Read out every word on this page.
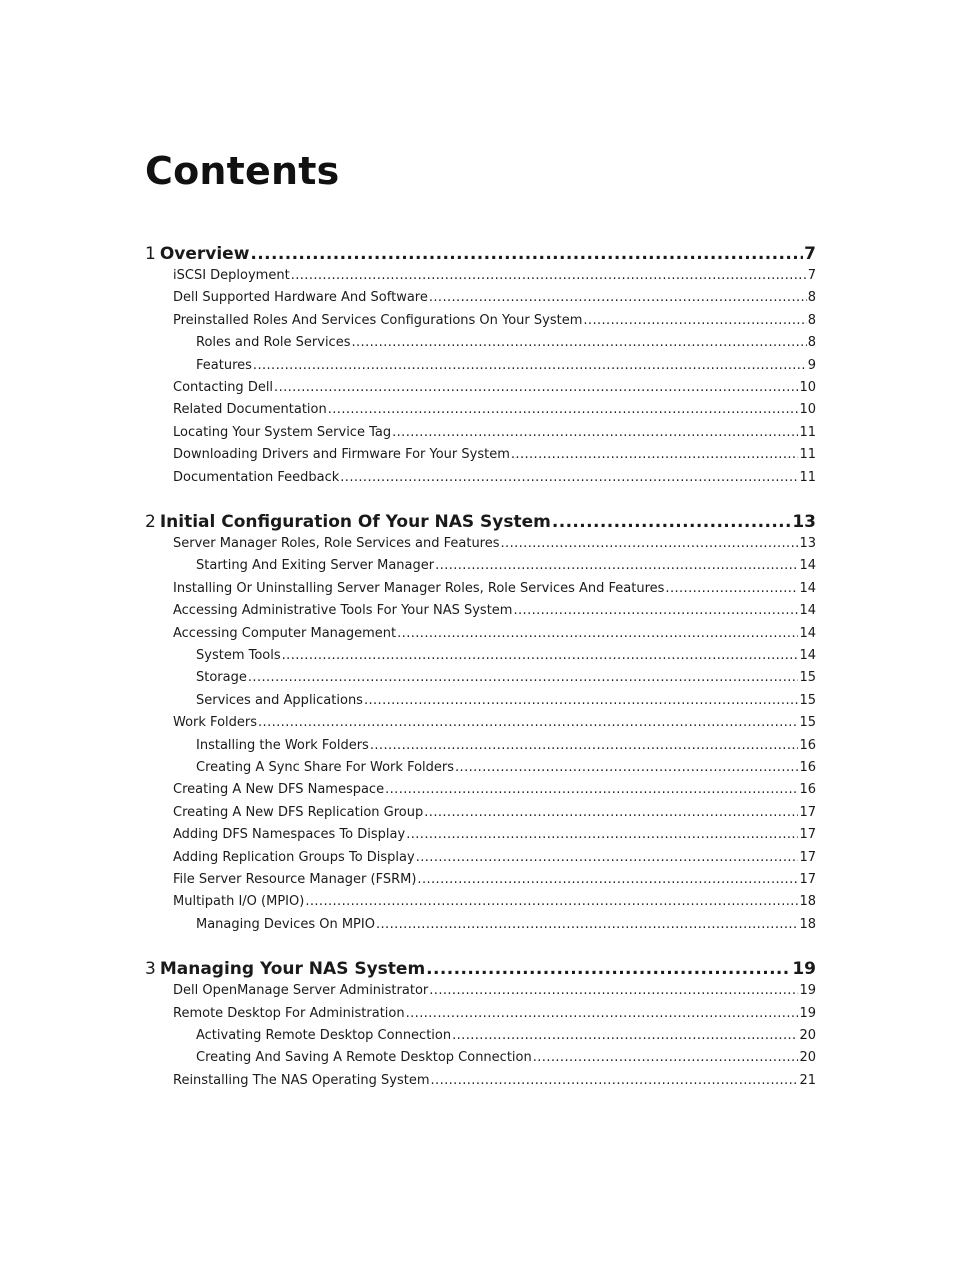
Contents
1 Overview .....	7
iSCSI Deployment .....	7
Dell Supported Hardware And Software .....	8
Preinstalled Roles And Services Configurations On Your System .....	8
Roles and Role Services .....	8
Features .....	9
Contacting Dell .....	10
Related Documentation .....	10
Locating Your System Service Tag .....	11
Downloading Drivers and Firmware For Your System .....	11
Documentation Feedback .....	11
2 Initial Configuration Of Your NAS System .....	13
Server Manager Roles, Role Services and Features .....	13
Starting And Exiting Server Manager .....	14
Installing Or Uninstalling Server Manager Roles, Role Services And Features .....	14
Accessing Administrative Tools For Your NAS System .....	14
Accessing Computer Management .....	14
System Tools .....	14
Storage .....	15
Services and Applications .....	15
Work Folders .....	15
Installing the Work Folders .....	16
Creating A Sync Share For Work Folders .....	16
Creating A New DFS Namespace .....	16
Creating A New DFS Replication Group .....	17
Adding DFS Namespaces To Display .....	17
Adding Replication Groups To Display .....	17
File Server Resource Manager (FSRM) .....	17
Multipath I/O (MPIO) .....	18
Managing Devices On MPIO .....	18
3 Managing Your NAS System .....	19
Dell OpenManage Server Administrator .....	19
Remote Desktop For Administration .....	19
Activating Remote Desktop Connection .....	20
Creating And Saving A Remote Desktop Connection .....	20
Reinstalling The NAS Operating System .....	21
